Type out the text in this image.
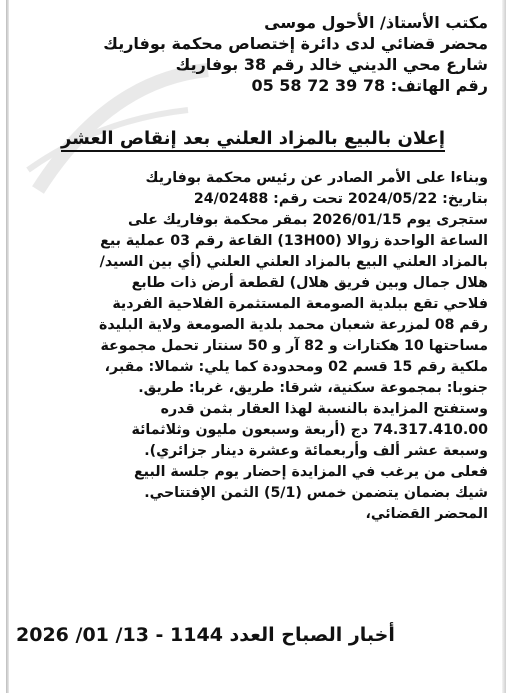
مكتب الأستاذ/ الأحول موسى
محضر قضائي لدى دائرة إختصاص محكمة بوفاريك
شارع محي الديني خالد رقم 38 بوفاريك
رقم الهاتف: 78 39 72 58 05
إعلان بالبيع بالمزاد العلني بعد إنقاص العشر
وبناءا على الأمر الصادر عن رئيس محكمة بوفاريك
بتاريخ: 2024/05/22 تحت رقم: 24/02488
ستجرى يوم 2026/01/15 بمقر محكمة بوفاريك على
الساعة الواحدة زوالا (13H00) القاعة رقم 03 عملية بيع
بالمزاد العلني البيع بالمزاد العلني العلني (أي بين السيد/
هلال جمال وبين فريق هلال) لقطعة أرض ذات طابع
فلاحي تقع ببلدية الصومعة المستثمرة الفلاحية الفردية
رقم 08 لمزرعة شعبان محمد بلدية الصومعة ولاية البليدة
مساحتها 10 هكتارات و 82 آر و 50 سنتار تحمل مجموعة
ملكية رقم 15 قسم 02 ومحدودة كما يلي: شمالا: مقبر،
جنوبا: بمجموعة سكنية، شرقا: طريق، غربا: طريق.
وستفتح المزايدة بالنسبة لهذا العقار بثمن قدره
74.317.410.00 دج (أربعة وسبعون مليون وثلاثمائة
وسبعة عشر ألف وأربعمائة وعشرة دينار جزائري).
فعلى من يرغب في المزايدة إحضار يوم جلسة البيع
شيك بضمان يتضمن خمس (5/1) الثمن الإفتتاحي.
المحضر القضائي،
أخبار الصباح العدد 1144 - 13/ 01/ 2026
